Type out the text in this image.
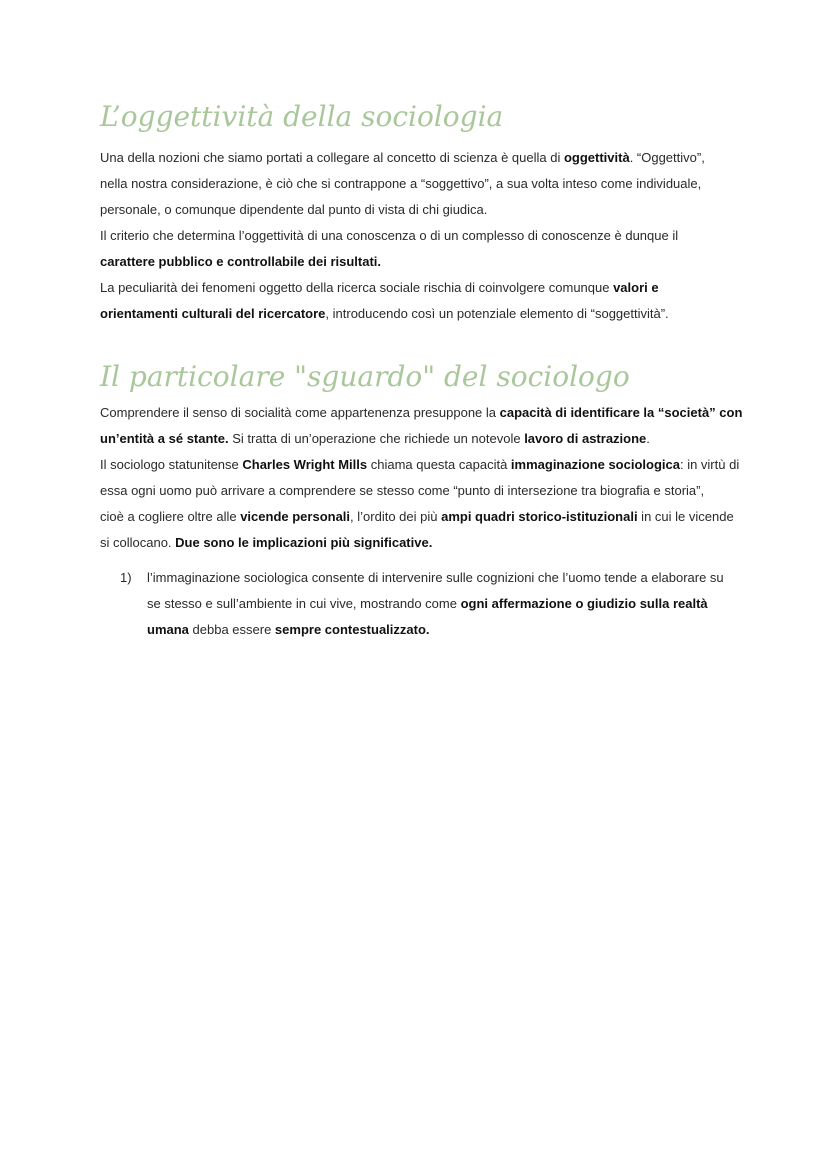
L’oggettività della sociologia

Una della nozioni che siamo portati a collegare al concetto di scienza è quella di oggettività. “Oggettivo”,
nella nostra considerazione, è ciò che si contrappone a “soggettivo”, a sua volta inteso come individuale,
personale, o comunque dipendente dal punto di vista di chi giudica.
Il criterio che determina l’oggettività di una conoscenza o di un complesso di conoscenze è dunque il
carattere pubblico e controllabile dei risultati.
La peculiarità dei fenomeni oggetto della ricerca sociale rischia di coinvolgere comunque valori e
orientamenti culturali del ricercatore, introducendo così un potenziale elemento di “soggettività”.

Il particolare "sguardo" del sociologo

Comprendere il senso di socialità come appartenenza presuppone la capacità di identificare la “società” con
un’entità a sé stante. Si tratta di un’operazione che richiede un notevole lavoro di astrazione.
Il sociologo statunitense Charles Wright Mills chiama questa capacità immaginazione sociologica: in virtù di
essa ogni uomo può arrivare a comprendere se stesso come “punto di intersezione tra biografia e storia”,
cioè a cogliere oltre alle vicende personali, l’ordito dei più ampi quadri storico-istituzionali in cui le vicende
si collocano. Due sono le implicazioni più significative.

1) l’immaginazione sociologica consente di intervenire sulle cognizioni che l’uomo tende a elaborare su
se stesso e sull’ambiente in cui vive, mostrando come ogni affermazione o giudizio sulla realtà
umana debba essere sempre contestualizzato.
